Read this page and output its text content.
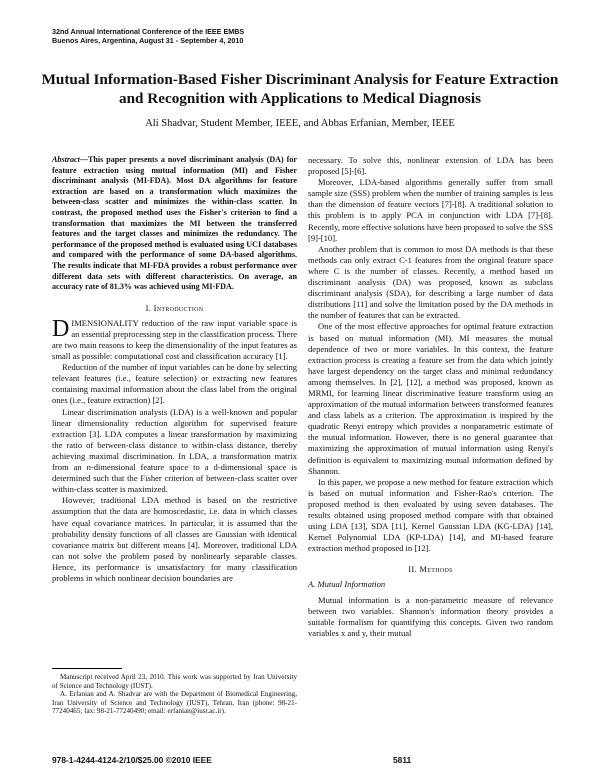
32nd Annual International Conference of the IEEE EMBS
Buenos Aires, Argentina, August 31 - September 4, 2010
Mutual Information-Based Fisher Discriminant Analysis for Feature Extraction and Recognition with Applications to Medical Diagnosis
Ali Shadvar, Student Member, IEEE, and Abbas Erfanian, Member, IEEE
Abstract—This paper presents a novel discriminant analysis (DA) for feature extraction using mutual information (MI) and Fisher discriminant analysis (MI-FDA). Most DA algorithms for feature extraction are based on a transformation which maximizes the between-class scatter and minimizes the within-class scatter. In contrast, the proposed method uses the Fisher's criterion to find a transformation that maximizes the MI between the transferred features and the target classes and minimizes the redundancy. The performance of the proposed method is evaluated using UCI databases and compared with the performance of some DA-based algorithms. The results indicate that MI-FDA provides a robust performance over different data sets with different characteristics. On average, an accuracy rate of 81.3% was achieved using MI-FDA.
I. Introduction

DIMENSIONALITY reduction of the raw input variable space is an essential preprocessing step in the classification process. There are two main reasons to keep the dimensionality of the input features as small as possible: computational cost and classification accuracy [1].

Reduction of the number of input variables can be done by selecting relevant features (i.e., feature selection) or extracting new features containing maximal information about the class label from the original ones (i.e., feature extraction) [2].

Linear discrimination analysis (LDA) is a well-known and popular linear dimensionality reduction algorithm for supervised feature extraction [3]. LDA computes a linear transformation by maximizing the ratio of between-class distance to within-class distance, thereby achieving maximal discrimination. In LDA, a transformation matrix from an n-dimensional feature space to a d-dimensional space is determined such that the Fisher criterion of between-class scatter over within-class scatter is maximized.

However, traditional LDA method is based on the restrictive assumption that the data are homoscedastic, i.e. data in which classes have equal covariance matrices. In particular, it is assumed that the probability density functions of all classes are Gaussian with identical covariance matrix but different means [4]. Moreover, traditional LDA can not solve the problem posed by nonlinearly separable classes. Hence, its performance is unsatisfactory for many classification problems in which nonlinear decision boundaries are

Manuscript received April 23, 2010. This work was supported by Iran University of Science and Technology (IUST).

A. Erfanian and A. Shadvar are with the Department of Biomedical Engineering, Iran University of Science and Technology (IUST), Tehran, Iran (phone: 98-21-77240465; fax: 98-21-77240490; email: erfanian@iust.ac.ir).

necessary. To solve this, nonlinear extension of LDA has been proposed [5]-[6].

Moreover, LDA-based algorithms generally suffer from small sample size (SSS) problem when the number of training samples is less than the dimension of feature vectors [7]-[8]. A traditional solution to this problem is to apply PCA in conjunction with LDA [7]-[8]. Recently, more effective solutions have been proposed to solve the SSS [9]-[10].

Another problem that is common to most DA methods is that these methods can only extract C-1 features from the original feature space where C is the number of classes. Recently, a method based on discriminant analysis (DA) was proposed, known as subclass discriminant analysis (SDA), for describing a large number of data distributions [11] and solve the limitation posed by the DA methods in the number of features that can be extracted.

One of the most effective approaches for optimal feature extraction is based on mutual information (MI). MI measures the mutual dependence of two or more variables. In this context, the feature extraction process is creating a feature set from the data which jointly have largest dependency on the target class and minimal redundancy among themselves. In [2], [12], a method was proposed, known as MRMI, for learning linear discriminative feature transform using an approximation of the mutual information between transformed features and class labels as a criterion. The approximation is inspired by the quadratic Renyi entropy which provides a nonparametric estimate of the mutual information. However, there is no general guarantee that maximizing the approximation of mutual information using Renyi's definition is equivalent to maximizing mutual information defined by Shannon.

In this paper, we propose a new method for feature extraction which is based on mutual information and Fisher-Rao's criterion. The proposed method is then evaluated by using seven databases. The results obtained using proposed method compare with that obtained using LDA [13], SDA [11], Kernel Gaussian LDA (KG-LDA) [14], Kernel Polynomial LDA (KP-LDA) [14], and MI-based feature extraction method proposed in [12].

II. Methods
A. Mutual Information

Mutual information is a non-parametric measure of relevance between two variables. Shannon's information theory provides a suitable formalism for quantifying this concepts. Given two random variables x and y, their mutual

978-1-4244-4124-2/10/$25.00 ©2010 IEEE	5811
